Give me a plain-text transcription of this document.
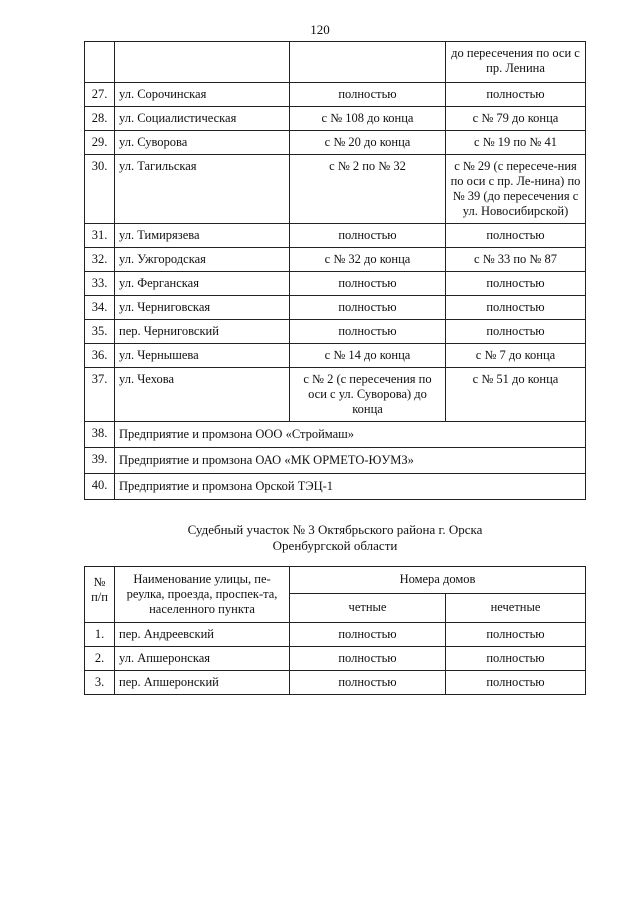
120
			до пересечения по оси с пр. Ленина
27.	ул. Сорочинская	полностью	полностью
28.	ул. Социалистическая	с № 108 до конца	с № 79 до конца
29.	ул. Суворова	с № 20 до конца	с № 19 по № 41
30.	ул. Тагильская	с № 2 по № 32	с № 29 (с пересече-ния по оси с пр. Ле-нина) по № 39 (до пересечения с ул. Новосибирской)
31.	ул. Тимирязева	полностью	полностью
32.	ул. Ужгородская	с № 32 до конца	с № 33 по № 87
33.	ул. Ферганская	полностью	полностью
34.	ул. Черниговская	полностью	полностью
35.	пер. Черниговский	полностью	полностью
36.	ул. Чернышева	с № 14 до конца	с № 7 до конца
37.	ул. Чехова	с № 2 (с пересечения по оси с ул. Суворова) до конца	с № 51 до конца
38.	Предприятие и промзона ООО «Строймаш»		
39.	Предприятие и промзона ОАО «МК ОРМЕТО-ЮУМЗ»		
40.	Предприятие и промзона Орской ТЭЦ-1		
Судебный участок № 3 Октябрьского района г. Орска
Оренбургской области
№ п/п	Наименование улицы, пе-реулка, проезда, проспек-та, населенного пункта	Номера домов	
		четные	нечетные
1.	пер. Андреевский	полностью	полностью
2.	ул. Апшеронская	полностью	полностью
3.	пер. Апшеронский	полностью	полностью
